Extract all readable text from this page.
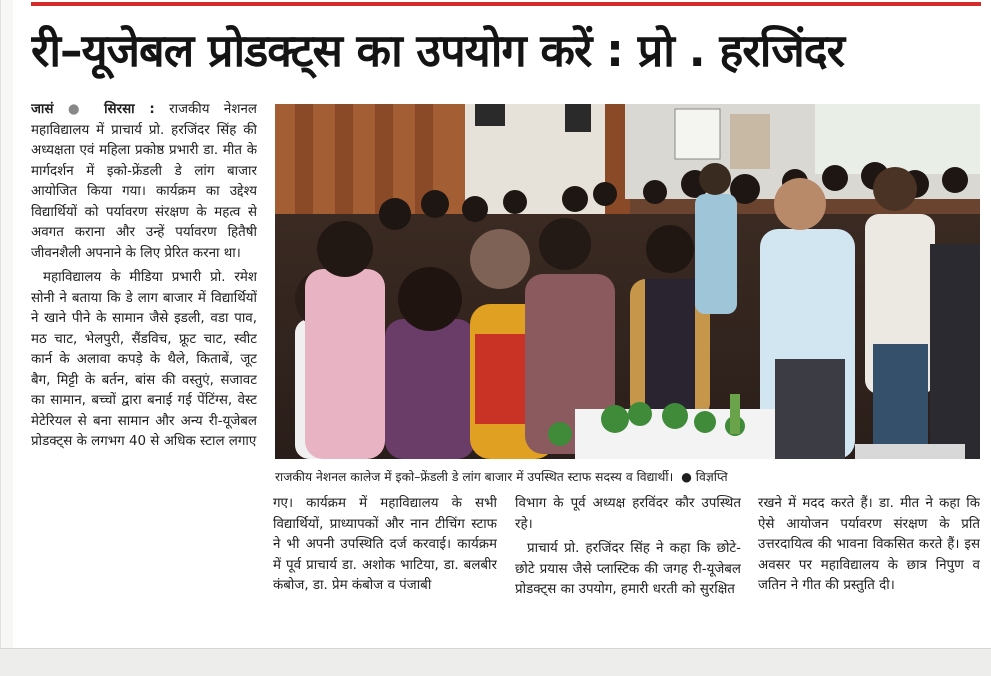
री–यूजेबल प्रोडक्ट्स का उपयोग करें : प्रो . हरजिंदर

जासं ● सिरसा : राजकीय नेशनल महाविद्यालय में प्राचार्य प्रो. हरजिंदर सिंह की अध्यक्षता एवं महिला प्रकोष्ठ प्रभारी डा. मीत के मार्गदर्शन में इको-फ्रेंडली डे लांग बाजार आयोजित किया गया। कार्यक्रम का उद्देश्य विद्यार्थियों को पर्यावरण संरक्षण के महत्व से अवगत कराना और उन्हें पर्यावरण हितैषी जीवनशैली अपनाने के लिए प्रेरित करना था।

महाविद्यालय के मीडिया प्रभारी प्रो. रमेश सोनी ने बताया कि डे लाग बाजार में विद्यार्थियों ने खाने पीने के सामान जैसे इडली, वडा पाव, मठ चाट, भेलपुरी, सैंडविच, फ्रूट चाट, स्वीट कार्न के अलावा कपड़े के थैले, किताबें, जूट बैग, मिट्टी के बर्तन, बांस की वस्तुएं, सजावट का सामान, बच्चों द्वारा बनाई गई पेंटिंग्स, वेस्ट मेटेरियल से बना सामान और अन्य री-यूजेबल प्रोडक्ट्स के लगभग 40 से अधिक स्टाल लगाए

राजकीय नेशनल कालेज में इको–फ्रेंडली डे लांग बाजार में उपस्थित स्टाफ सदस्य व विद्यार्थी। ● विज्ञप्ति

गए। कार्यक्रम में महाविद्यालय के सभी विद्यार्थियों, प्राध्यापकों और नान टीचिंग स्टाफ ने भी अपनी उपस्थिति दर्ज करवाई। कार्यक्रम में पूर्व प्राचार्य डा. अशोक भाटिया, डा. बलबीर कंबोज, डा. प्रेम कंबोज व पंजाबी

विभाग के पूर्व अध्यक्ष हरविंदर कौर उपस्थित रहे।

प्राचार्य प्रो. हरजिंदर सिंह ने कहा कि छोटे-छोटे प्रयास जैसे प्लास्टिक की जगह री-यूजेबल प्रोडक्ट्स का उपयोग, हमारी धरती को सुरक्षित

रखने में मदद करते हैं। डा. मीत ने कहा कि ऐसे आयोजन पर्यावरण संरक्षण के प्रति उत्तरदायित्व की भावना विकसित करते हैं। इस अवसर पर महाविद्यालय के छात्र निपुण व जतिन ने गीत की प्रस्तुति दी।
